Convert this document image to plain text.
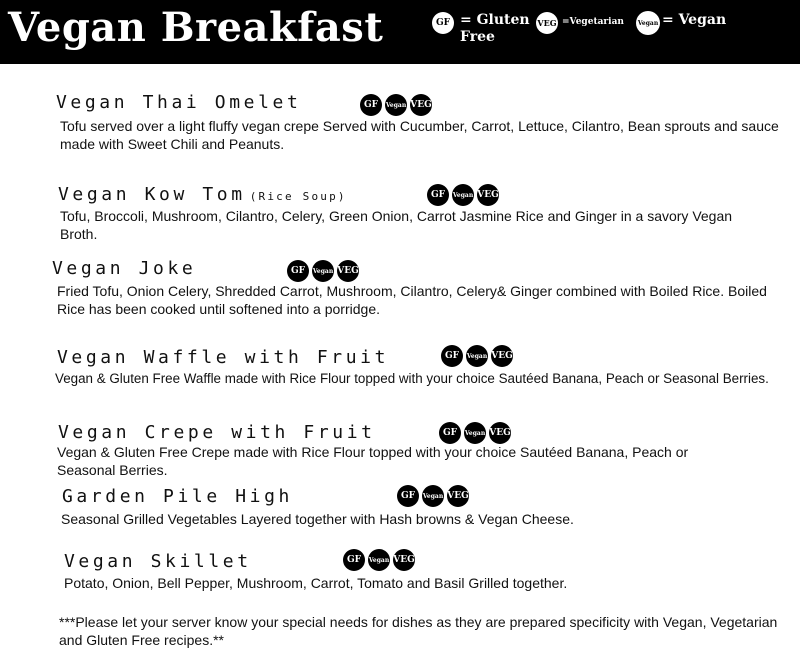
Vegan Breakfast	GF = Gluten Free
VEG =Vegetarian	Vegan = Vegan
Vegan Thai Omelet	GF	Vegan VEG
Tofu served over a light fluffy vegan crepe Served with Cucumber, Carrot, Lettuce, Cilantro, Bean sprouts and sauce made with Sweet Chili and Peanuts.
Vegan Kow Tom (Rice Soup)	GF	Vegan VEG
Tofu, Broccoli, Mushroom, Cilantro, Celery, Green Onion, Carrot Jasmine Rice and Ginger in a savory Vegan Broth.
Vegan Joke	GF	Vegan VEG
Fried Tofu, Onion Celery, Shredded Carrot, Mushroom, Cilantro, Celery& Ginger combined with Boiled Rice. Boiled Rice has been cooked until softened into a porridge.
Vegan Waffle with Fruit	GF	Vegan VEG
Vegan & Gluten Free Waffle made with Rice Flour topped with your choice Sautéed Banana, Peach or Seasonal Berries.
Vegan Crepe with Fruit	GF	Vegan VEG
Vegan & Gluten Free Crepe made with Rice Flour topped with your choice Sautéed Banana, Peach or Seasonal Berries.
Garden Pile High	GF	Vegan VEG
Seasonal Grilled Vegetables Layered together with Hash browns & Vegan Cheese.
Vegan Skillet	GF	Vegan VEG
Potato, Onion, Bell Pepper, Mushroom, Carrot, Tomato and Basil Grilled together.
***Please let your server know your special needs for dishes as they are prepared specificity with Vegan, Vegetarian and Gluten Free recipes.**
